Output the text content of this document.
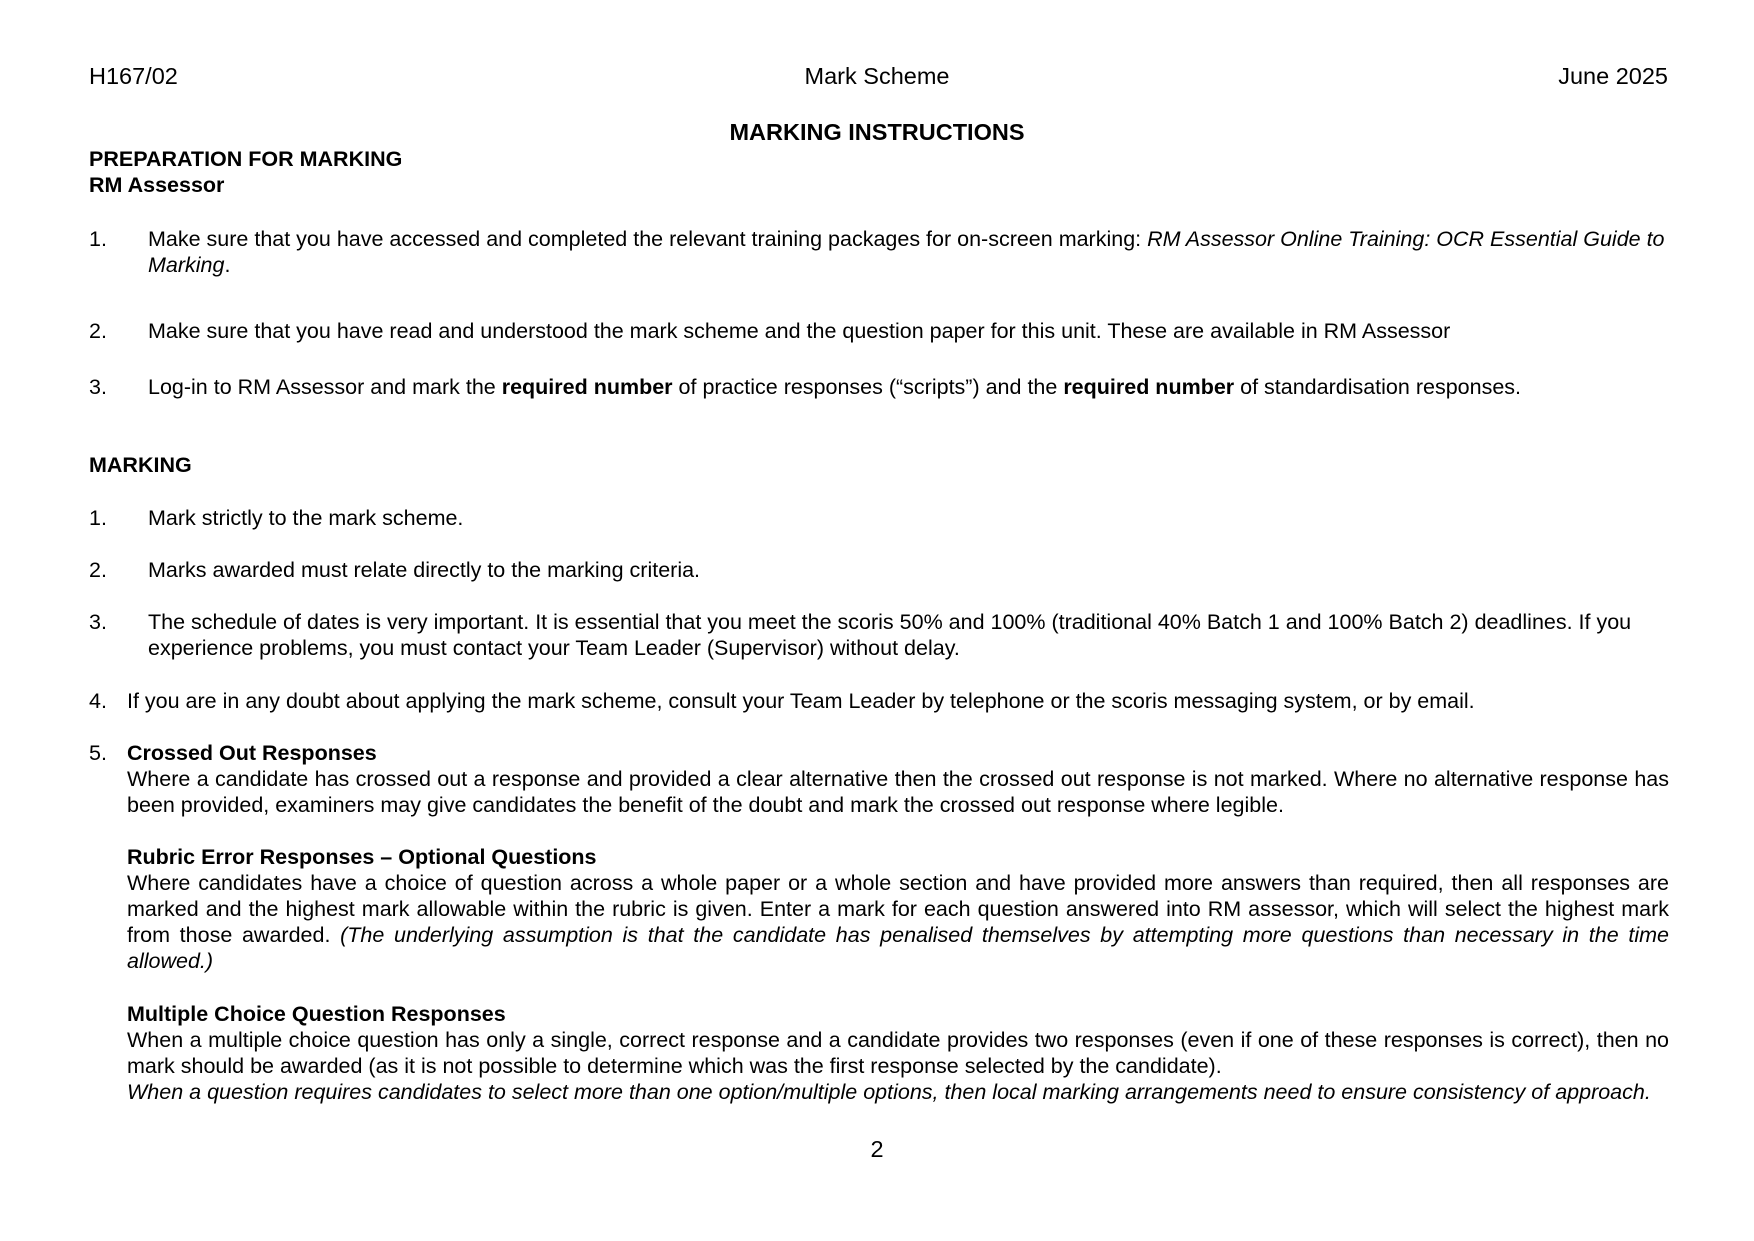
H167/02	Mark Scheme	June 2025
MARKING INSTRUCTIONS
PREPARATION FOR MARKING
RM Assessor
1. Make sure that you have accessed and completed the relevant training packages for on-screen marking: RM Assessor Online Training: OCR Essential Guide to Marking.
2. Make sure that you have read and understood the mark scheme and the question paper for this unit. These are available in RM Assessor
3. Log-in to RM Assessor and mark the required number of practice responses (“scripts”) and the required number of standardisation responses.
MARKING
1. Mark strictly to the mark scheme.
2. Marks awarded must relate directly to the marking criteria.
3. The schedule of dates is very important. It is essential that you meet the scoris 50% and 100% (traditional 40% Batch 1 and 100% Batch 2) deadlines. If you experience problems, you must contact your Team Leader (Supervisor) without delay.
4. If you are in any doubt about applying the mark scheme, consult your Team Leader by telephone or the scoris messaging system, or by email.
5. Crossed Out Responses
Where a candidate has crossed out a response and provided a clear alternative then the crossed out response is not marked. Where no alternative response has been provided, examiners may give candidates the benefit of the doubt and mark the crossed out response where legible.
Rubric Error Responses – Optional Questions
Where candidates have a choice of question across a whole paper or a whole section and have provided more answers than required, then all responses are marked and the highest mark allowable within the rubric is given. Enter a mark for each question answered into RM assessor, which will select the highest mark from those awarded. (The underlying assumption is that the candidate has penalised themselves by attempting more questions than necessary in the time allowed.)
Multiple Choice Question Responses
When a multiple choice question has only a single, correct response and a candidate provides two responses (even if one of these responses is correct), then no mark should be awarded (as it is not possible to determine which was the first response selected by the candidate).
When a question requires candidates to select more than one option/multiple options, then local marking arrangements need to ensure consistency of approach.
2
